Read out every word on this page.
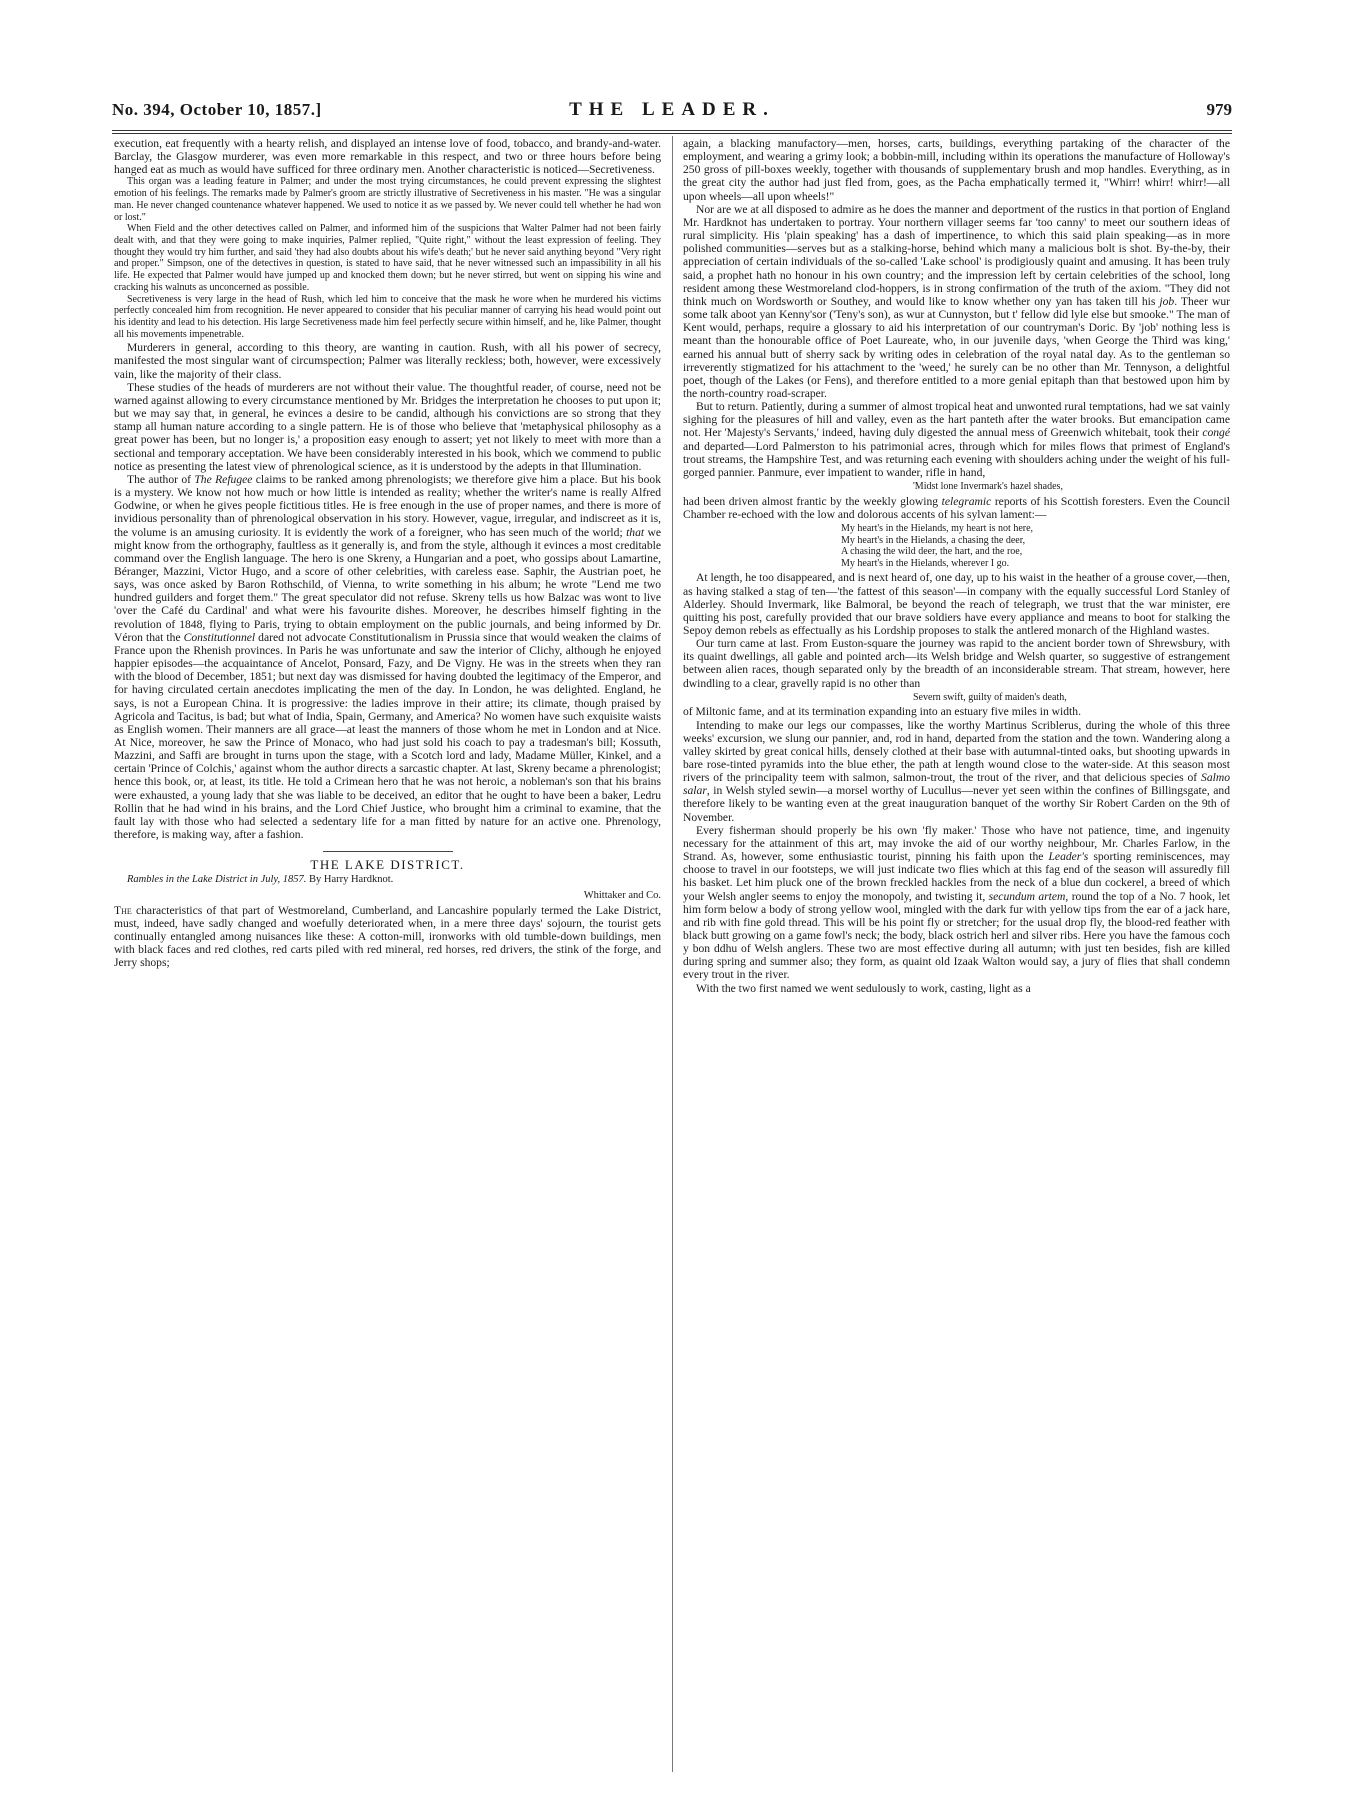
No. 394, October 10, 1857.]	THE LEADER.	979

execution, eat frequently with a hearty relish, and displayed an intense love of food, tobacco, and brandy-and-water. Barclay, the Glasgow murderer, was even more remarkable in this respect, and two or three hours before being hanged eat as much as would have sufficed for three ordinary men. Another characteristic is noticed—Secretiveness.

This organ was a leading feature in Palmer; and under the most trying circumstances, he could prevent expressing the slightest emotion of his feelings. The remarks made by Palmer's groom are strictly illustrative of Secretiveness in his master. "He was a singular man. He never changed countenance whatever happened. We used to notice it as we passed by. We never could tell whether he had won or lost."

When Field and the other detectives called on Palmer, and informed him of the suspicions that Walter Palmer had not been fairly dealt with, and that they were going to make inquiries, Palmer replied, "Quite right," without the least expression of feeling. They thought they would try him further, and said 'they had also doubts about his wife's death;' but he never said anything beyond "Very right and proper." Simpson, one of the detectives in question, is stated to have said, that he never witnessed such an impassibility in all his life. He expected that Palmer would have jumped up and knocked them down; but he never stirred, but went on sipping his wine and cracking his walnuts as unconcerned as possible.

Secretiveness is very large in the head of Rush, which led him to conceive that the mask he wore when he murdered his victims perfectly concealed him from recognition. He never appeared to consider that his peculiar manner of carrying his head would point out his identity and lead to his detection. His large Secretiveness made him feel perfectly secure within himself, and he, like Palmer, thought all his movements impenetrable.

Murderers in general, according to this theory, are wanting in caution. Rush, with all his power of secrecy, manifested the most singular want of circumspection; Palmer was literally reckless; both, however, were excessively vain, like the majority of their class.

These studies of the heads of murderers are not without their value. The thoughtful reader, of course, need not be warned against allowing to every circumstance mentioned by Mr. Bridges the interpretation he chooses to put upon it; but we may say that, in general, he evinces a desire to be candid, although his convictions are so strong that they stamp all human nature according to a single pattern. He is of those who believe that 'metaphysical philosophy as a great power has been, but no longer is,' a proposition easy enough to assert; yet not likely to meet with more than a sectional and temporary acceptation. We have been considerably interested in his book, which we commend to public notice as presenting the latest view of phrenological science, as it is understood by the adepts in that Illumination.

The author of The Refugee claims to be ranked among phrenologists; we therefore give him a place. But his book is a mystery. We know not how much or how little is intended as reality; whether the writer's name is really Alfred Godwine, or when he gives people fictitious titles. He is free enough in the use of proper names, and there is more of invidious personality than of phrenological observation in his story. However, vague, irregular, and indiscreet as it is, the volume is an amusing curiosity. It is evidently the work of a foreigner, who has seen much of the world; that we might know from the orthography, faultless as it generally is, and from the style, although it evinces a most creditable command over the English language. The hero is one Skreny, a Hungarian and a poet, who gossips about Lamartine, Béranger, Mazzini, Victor Hugo, and a score of other celebrities, with careless ease. Saphir, the Austrian poet, he says, was once asked by Baron Rothschild, of Vienna, to write something in his album; he wrote "Lend me two hundred guilders and forget them." The great speculator did not refuse. Skreny tells us how Balzac was wont to live 'over the Café du Cardinal' and what were his favourite dishes. Moreover, he describes himself fighting in the revolution of 1848, flying to Paris, trying to obtain employment on the public journals, and being informed by Dr. Véron that the Constitutionnel dared not advocate Constitutionalism in Prussia since that would weaken the claims of France upon the Rhenish provinces. In Paris he was unfortunate and saw the interior of Clichy, although he enjoyed happier episodes—the acquaintance of Ancelot, Ponsard, Fazy, and De Vigny. He was in the streets when they ran with the blood of December, 1851; but next day was dismissed for having doubted the legitimacy of the Emperor, and for having circulated certain anecdotes implicating the men of the day. In London, he was delighted. England, he says, is not a European China. It is progressive: the ladies improve in their attire; its climate, though praised by Agricola and Tacitus, is bad; but what of India, Spain, Germany, and America? No women have such exquisite waists as English women. Their manners are all grace—at least the manners of those whom he met in London and at Nice. At Nice, moreover, he saw the Prince of Monaco, who had just sold his coach to pay a tradesman's bill; Kossuth, Mazzini, and Saffi are brought in turns upon the stage, with a Scotch lord and lady, Madame Müller, Kinkel, and a certain 'Prince of Colchis,' against whom the author directs a sarcastic chapter. At last, Skreny became a phrenologist; hence this book, or, at least, its title. He told a Crimean hero that he was not heroic, a nobleman's son that his brains were exhausted, a young lady that she was liable to be deceived, an editor that he ought to have been a baker, Ledru Rollin that he had wind in his brains, and the Lord Chief Justice, who brought him a criminal to examine, that the fault lay with those who had selected a sedentary life for a man fitted by nature for an active one. Phrenology, therefore, is making way, after a fashion.

THE LAKE DISTRICT.

Rambles in the Lake District in July, 1857. By Harry Hardknot.

Whittaker and Co.

The characteristics of that part of Westmoreland, Cumberland, and Lancashire popularly termed the Lake District, must, indeed, have sadly changed and woefully deteriorated when, in a mere three days' sojourn, the tourist gets continually entangled among nuisances like these: A cotton-mill, ironworks with old tumble-down buildings, men with black faces and red clothes, red carts piled with red mineral, red horses, red drivers, the stink of the forge, and Jerry shops;

again, a blacking manufactory—men, horses, carts, buildings, everything partaking of the character of the employment, and wearing a grimy look; a bobbin-mill, including within its operations the manufacture of Holloway's 250 gross of pill-boxes weekly, together with thousands of supplementary brush and mop handles. Everything, as in the great city the author had just fled from, goes, as the Pacha emphatically termed it, "Whirr! whirr! whirr!—all upon wheels—all upon wheels!"

Nor are we at all disposed to admire as he does the manner and deportment of the rustics in that portion of England Mr. Hardknot has undertaken to portray. Your northern villager seems far 'too canny' to meet our southern ideas of rural simplicity. His 'plain speaking' has a dash of impertinence, to which this said plain speaking—as in more polished communities—serves but as a stalking-horse, behind which many a malicious bolt is shot. By-the-by, their appreciation of certain individuals of the so-called 'Lake school' is prodigiously quaint and amusing. It has been truly said, a prophet hath no honour in his own country; and the impression left by certain celebrities of the school, long resident among these Westmoreland clod-hoppers, is in strong confirmation of the truth of the axiom. "They did not think much on Wordsworth or Southey, and would like to know whether ony yan has taken till his job. Theer wur some talk aboot yan Kenny'sor ('Teny's son), as wur at Cunnyston, but t' fellow did lyle else but smooke." The man of Kent would, perhaps, require a glossary to aid his interpretation of our countryman's Doric. By 'job' nothing less is meant than the honourable office of Poet Laureate, who, in our juvenile days, 'when George the Third was king,' earned his annual butt of sherry sack by writing odes in celebration of the royal natal day. As to the gentleman so irreverently stigmatized for his attachment to the 'weed,' he surely can be no other than Mr. Tennyson, a delightful poet, though of the Lakes (or Fens), and therefore entitled to a more genial epitaph than that bestowed upon him by the north-country road-scraper.

But to return. Patiently, during a summer of almost tropical heat and unwonted rural temptations, had we sat vainly sighing for the pleasures of hill and valley, even as the hart panteth after the water brooks. But emancipation came not. Her 'Majesty's Servants,' indeed, having duly digested the annual mess of Greenwich whitebait, took their congé and departed—Lord Palmerston to his patrimonial acres, through which for miles flows that primest of England's trout streams, the Hampshire Test, and was returning each evening with shoulders aching under the weight of his full-gorged pannier. Panmure, ever impatient to wander, rifle in hand,

'Midst lone Invermark's hazel shades,

had been driven almost frantic by the weekly glowing telegramic reports of his Scottish foresters. Even the Council Chamber re-echoed with the low and dolorous accents of his sylvan lament:—

My heart's in the Hielands, my heart is not here,
My heart's in the Hielands, a chasing the deer,
A chasing the wild deer, the hart, and the roe,
My heart's in the Hielands, wherever I go.

At length, he too disappeared, and is next heard of, one day, up to his waist in the heather of a grouse cover,—then, as having stalked a stag of ten—'the fattest of this season'—in company with the equally successful Lord Stanley of Alderley. Should Invermark, like Balmoral, be beyond the reach of telegraph, we trust that the war minister, ere quitting his post, carefully provided that our brave soldiers have every appliance and means to boot for stalking the Sepoy demon rebels as effectually as his Lordship proposes to stalk the antlered monarch of the Highland wastes.

Our turn came at last. From Euston-square the journey was rapid to the ancient border town of Shrewsbury, with its quaint dwellings, all gable and pointed arch—its Welsh bridge and Welsh quarter, so suggestive of estrangement between alien races, though separated only by the breadth of an inconsiderable stream. That stream, however, here dwindling to a clear, gravelly rapid is no other than

Severn swift, guilty of maiden's death,

of Miltonic fame, and at its termination expanding into an estuary five miles in width.

Intending to make our legs our compasses, like the worthy Martinus Scriblerus, during the whole of this three weeks' excursion, we slung our pannier, and, rod in hand, departed from the station and the town. Wandering along a valley skirted by great conical hills, densely clothed at their base with autumnal-tinted oaks, but shooting upwards in bare rose-tinted pyramids into the blue ether, the path at length wound close to the water-side. At this season most rivers of the principality teem with salmon, salmon-trout, the trout of the river, and that delicious species of Salmo salar, in Welsh styled sewin—a morsel worthy of Lucullus—never yet seen within the confines of Billingsgate, and therefore likely to be wanting even at the great inauguration banquet of the worthy Sir Robert Carden on the 9th of November.

Every fisherman should properly be his own 'fly maker.' Those who have not patience, time, and ingenuity necessary for the attainment of this art, may invoke the aid of our worthy neighbour, Mr. Charles Farlow, in the Strand. As, however, some enthusiastic tourist, pinning his faith upon the Leader's sporting reminiscences, may choose to travel in our footsteps, we will just indicate two flies which at this fag end of the season will assuredly fill his basket. Let him pluck one of the brown freckled hackles from the neck of a blue dun cockerel, a breed of which your Welsh angler seems to enjoy the monopoly, and twisting it, secundum artem, round the top of a No. 7 hook, let him form below a body of strong yellow wool, mingled with the dark fur with yellow tips from the ear of a jack hare, and rib with fine gold thread. This will be his point fly or stretcher; for the usual drop fly, the blood-red feather with black butt growing on a game fowl's neck; the body, black ostrich herl and silver ribs. Here you have the famous coch y bon ddhu of Welsh anglers. These two are most effective during all autumn; with just ten besides, fish are killed during spring and summer also; they form, as quaint old Izaak Walton would say, a jury of flies that shall condemn every trout in the river.

With the two first named we went sedulously to work, casting, light as a
